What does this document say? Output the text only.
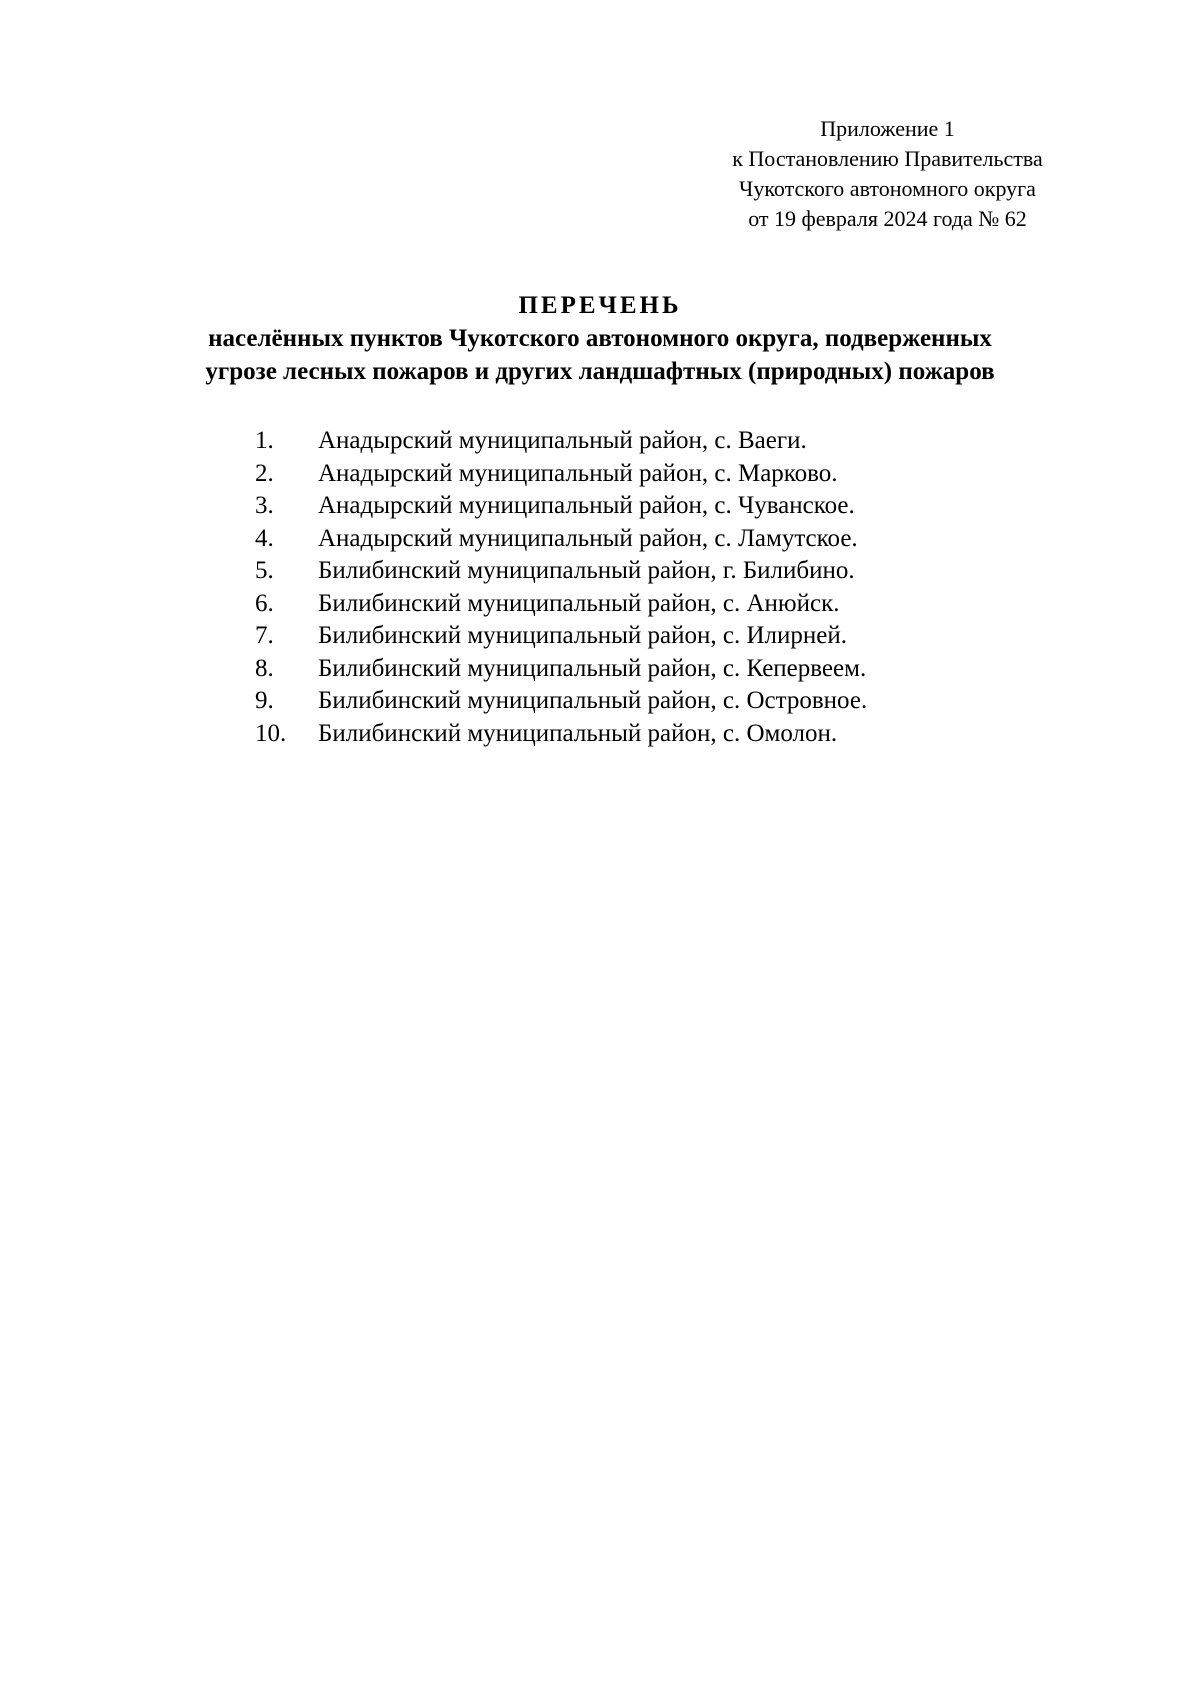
Приложение 1
к Постановлению Правительства
Чукотского автономного округа
от 19 февраля 2024 года № 62
ПЕРЕЧЕНЬ
населённых пунктов Чукотского автономного округа, подверженных
угрозе лесных пожаров и других ландшафтных (природных) пожаров
1.	Анадырский муниципальный район, с. Ваеги.
2.	Анадырский муниципальный район, с. Марково.
3.	Анадырский муниципальный район, с. Чуванское.
4.	Анадырский муниципальный район, с. Ламутское.
5.	Билибинский муниципальный район, г. Билибино.
6.	Билибинский муниципальный район, с. Анюйск.
7.	Билибинский муниципальный район, с. Илирней.
8.	Билибинский муниципальный район, с. Кепервеем.
9.	Билибинский муниципальный район, с. Островное.
10.	Билибинский муниципальный район, с. Омолон.
